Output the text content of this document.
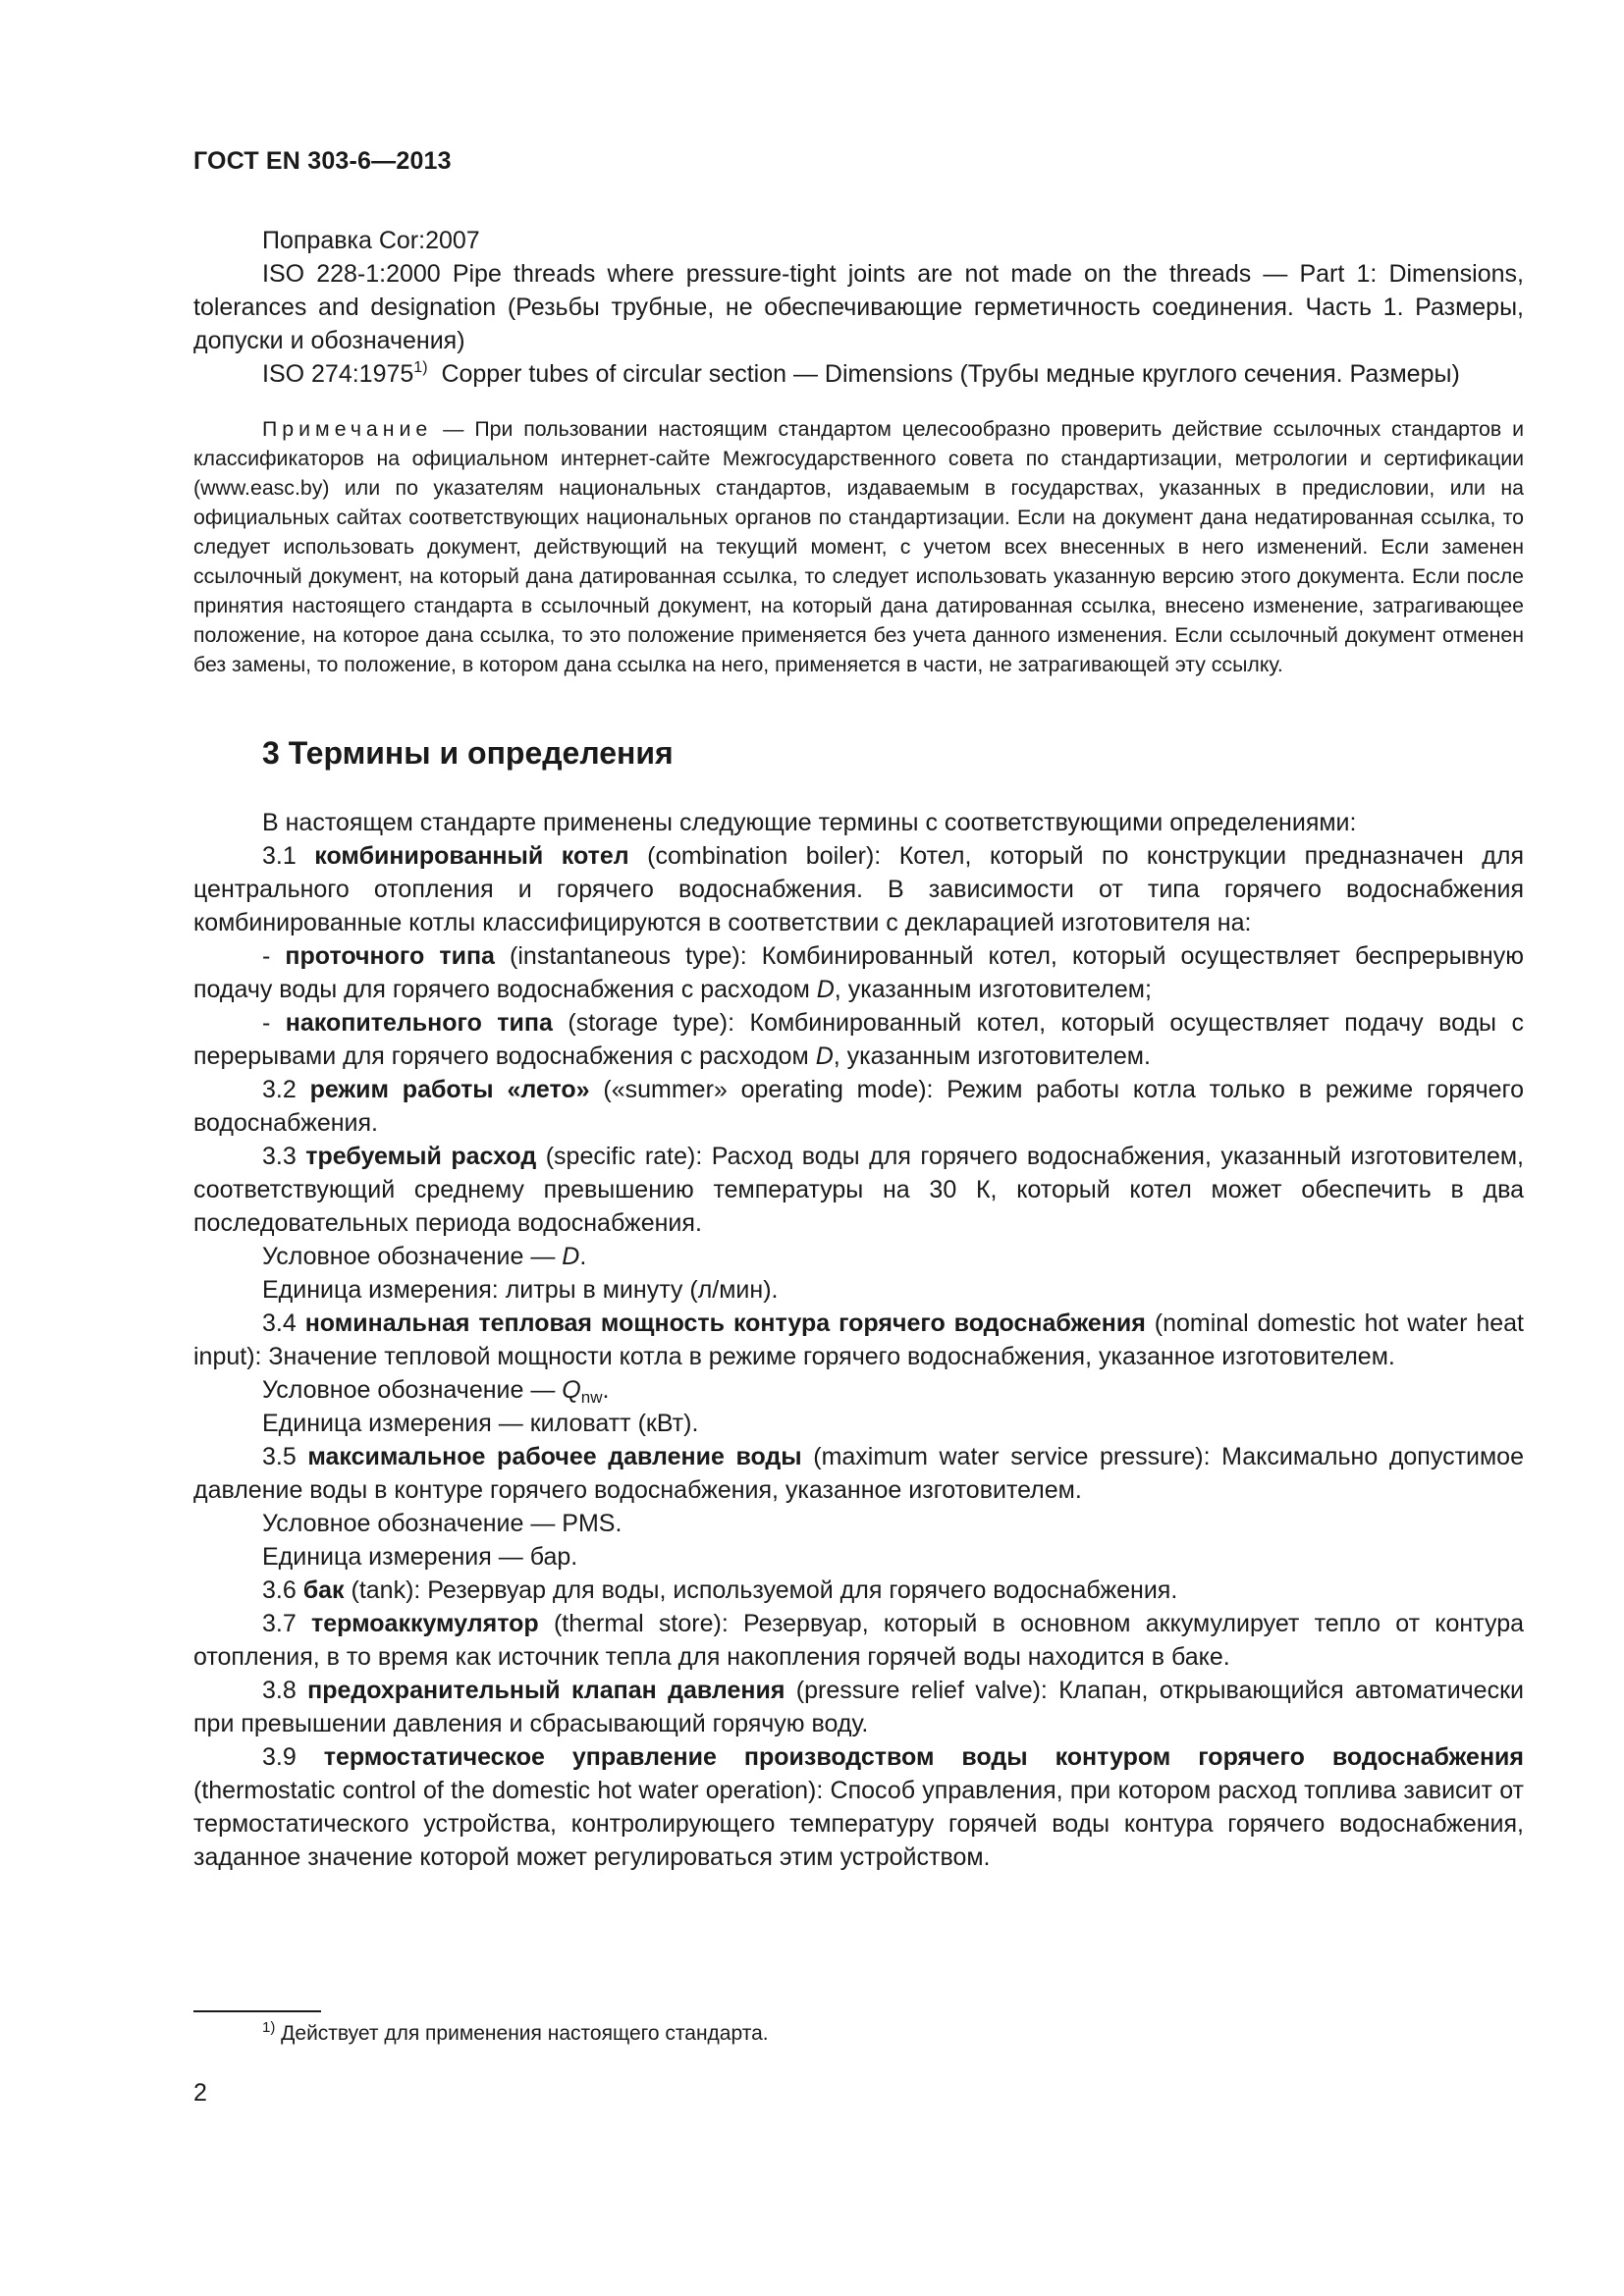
ГОСТ EN 303-6—2013

Поправка Cor:2007

ISO 228-1:2000 Pipe threads where pressure-tight joints are not made on the threads — Part 1: Dimensions, tolerances and designation (Резьбы трубные, не обеспечивающие герметичность соединения. Часть 1. Размеры, допуски и обозначения)

ISO 274:1975$^{1)}$ Copper tubes of circular section — Dimensions (Трубы медные круглого сечения. Размеры)

Примечание — При пользовании настоящим стандартом целесообразно проверить действие ссылочных стандартов и классификаторов на официальном интернет-сайте Межгосударственного совета по стандартизации, метрологии и сертификации (www.easc.by) или по указателям национальных стандартов, издаваемым в государствах, указанных в предисловии, или на официальных сайтах соответствующих национальных органов по стандартизации. Если на документ дана недатированная ссылка, то следует использовать документ, действующий на текущий момент, с учетом всех внесенных в него изменений. Если заменен ссылочный документ, на который дана датированная ссылка, то следует использовать указанную версию этого документа. Если после принятия настоящего стандарта в ссылочный документ, на который дана датированная ссылка, внесено изменение, затрагивающее положение, на которое дана ссылка, то это положение применяется без учета данного изменения. Если ссылочный документ отменен без замены, то положение, в котором дана ссылка на него, применяется в части, не затрагивающей эту ссылку.

3 Термины и определения

В настоящем стандарте применены следующие термины с соответствующими определениями:

3.1 комбинированный котел (combination boiler): Котел, который по конструкции предназначен для центрального отопления и горячего водоснабжения. В зависимости от типа горячего водоснабжения комбинированные котлы классифицируются в соответствии с декларацией изготовителя на:

- проточного типа (instantaneous type): Комбинированный котел, который осуществляет беспрерывную подачу воды для горячего водоснабжения с расходом D, указанным изготовителем;

- накопительного типа (storage type): Комбинированный котел, который осуществляет подачу воды с перерывами для горячего водоснабжения с расходом D, указанным изготовителем.

3.2 режим работы «лето» («summer» operating mode): Режим работы котла только в режиме горячего водоснабжения.

3.3 требуемый расход (specific rate): Расход воды для горячего водоснабжения, указанный изготовителем, соответствующий среднему превышению температуры на 30 К, который котел может обеспечить в два последовательных периода водоснабжения.

Условное обозначение — D.

Единица измерения: литры в минуту (л/мин).

3.4 номинальная тепловая мощность контура горячего водоснабжения (nominal domestic hot water heat input): Значение тепловой мощности котла в режиме горячего водоснабжения, указанное изготовителем.

Условное обозначение — $Q_{nw}$.

Единица измерения — киловатт (кВт).

3.5 максимальное рабочее давление воды (maximum water service pressure): Максимально допустимое давление воды в контуре горячего водоснабжения, указанное изготовителем.

Условное обозначение — PMS.

Единица измерения — бар.

3.6 бак (tank): Резервуар для воды, используемой для горячего водоснабжения.

3.7 термоаккумулятор (thermal store): Резервуар, который в основном аккумулирует тепло от контура отопления, в то время как источник тепла для накопления горячей воды находится в баке.

3.8 предохранительный клапан давления (pressure relief valve): Клапан, открывающийся автоматически при превышении давления и сбрасывающий горячую воду.

3.9 термостатическое управление производством воды контуром горячего водоснабжения (thermostatic control of the domestic hot water operation): Способ управления, при котором расход топлива зависит от термостатического устройства, контролирующего температуру горячей воды контура горячего водоснабжения, заданное значение которой может регулироваться этим устройством.

$^{1)}$ Действует для применения настоящего стандарта.
2
